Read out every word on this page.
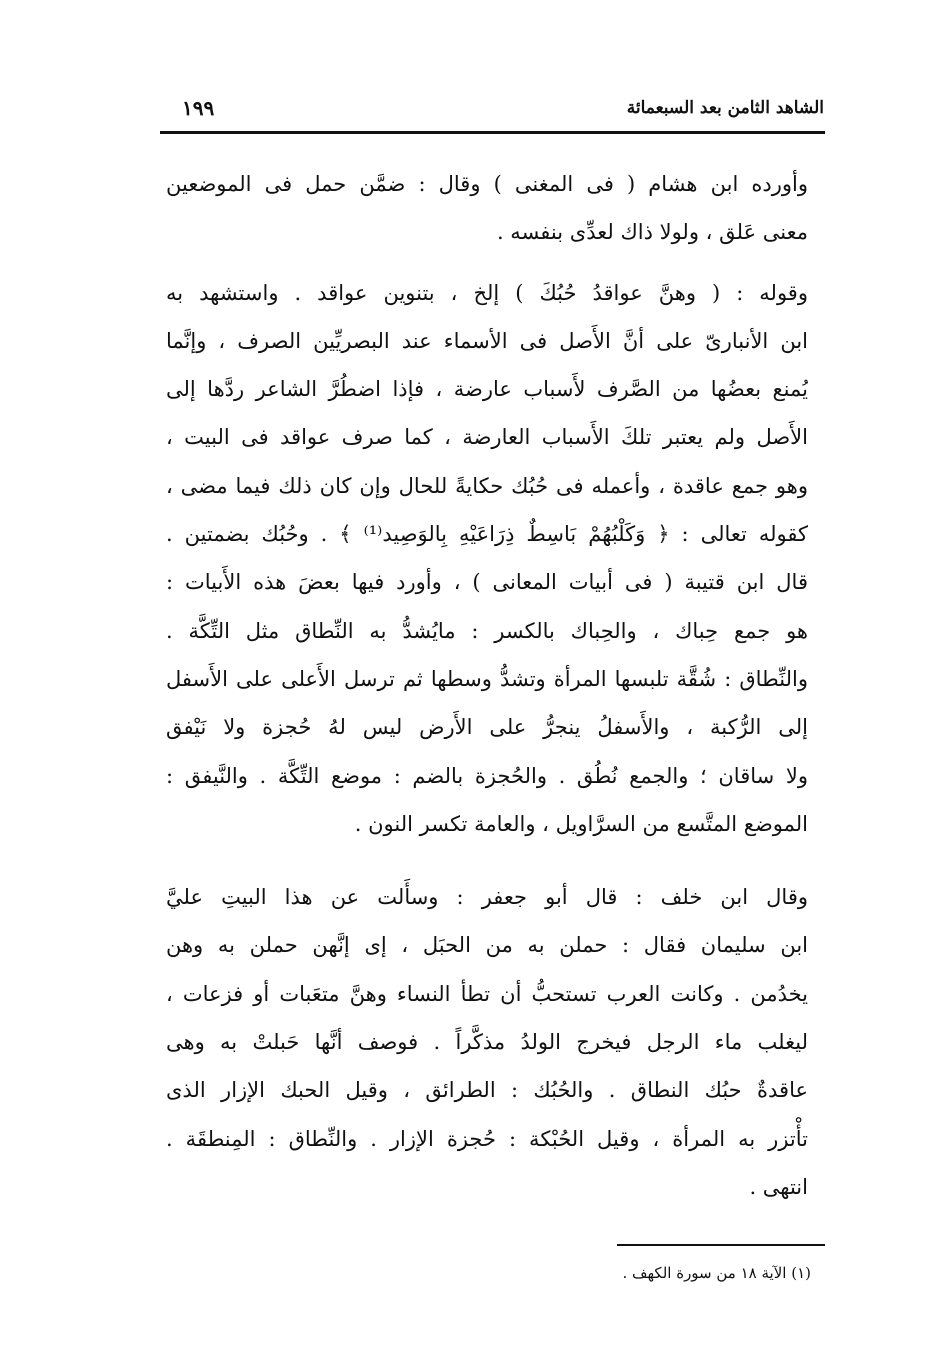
الشاهد الثامن بعد السبعمائة
١٩٩

وأورده ابن هشام ( فى المغنى ) وقال : ضمَّن حمل فى الموضعين
معنى عَلق ، ولولا ذاك لعدِّى بنفسه .

وقوله : ( وهنَّ عواقدُ حُبُكَ ) إلخ ، بتنوين عواقد . واستشهد به
ابن الأنبارىّ على أنَّ الأَصل فى الأسماء عند البصريِّين الصرف ، وإنَّما
يُمنع بعضُها من الصَّرف لأَسباب عارضة ، فإذا اضطُرَّ الشاعر ردَّها إلى
الأَصل ولم يعتبر تلكَ الأَسباب العارضة ، كما صرف عواقد فى البيت ،
وهو جمع عاقدة ، وأعمله فى حُبُك حكايةً للحال وإن كان ذلك فيما مضى ،
كقوله تعالى : ﴿ وَكَلْبُهُمْ بَاسِطٌ ذِرَاعَيْهِ بِالوَصِيد⁽¹⁾ ﴾ . وحُبُك بضمتين .
قال ابن قتيبة ( فى أبيات المعانى ) ، وأورد فيها بعضَ هذه الأَبيات :
هو جمع حِباك ، والحِباك بالكسر : مايُشدُّ به النِّطاق مثل التِّكَّة .
والنِّطاق : شُقَّة تلبسها المرأة وتشدُّ وسطها ثم ترسل الأَعلى على الأَسفل
إلى الرُّكبة ، والأَسفلُ ينجرُّ على الأَرض ليس لهُ حُجزة ولا نَيْفق
ولا ساقان ؛ والجمع نُطُق . والحُجزة بالضم : موضع التِّكَّة . والنَّيفق :
الموضع المتَّسع من السرَّاويل ، والعامة تكسر النون .

وقال ابن خلف : قال أبو جعفر : وسأَلت عن هذا البيتِ عليَّ
ابن سليمان فقال : حملن به من الحبَل ، إى إنَّهن حملن به وهن
يخدُمن . وكانت العرب تستحبُّ أن تطأ النساء وهنَّ متعَبات أو فزعات ،
ليغلب ماء الرجل فيخرج الولدُ مذكَّراً . فوصف أنَّها حَبلتْ به وهى
عاقدةٌ حبُك النطاق . والحُبُك : الطرائق ، وقيل الحبك الإزار الذى
تأْتزر به المرأة ، وقيل الحُبْكة : حُجزة الإزار . والنِّطاق : المِنطقَة .
انتهى .

(١) الآية ١٨ من سورة الكهف .
